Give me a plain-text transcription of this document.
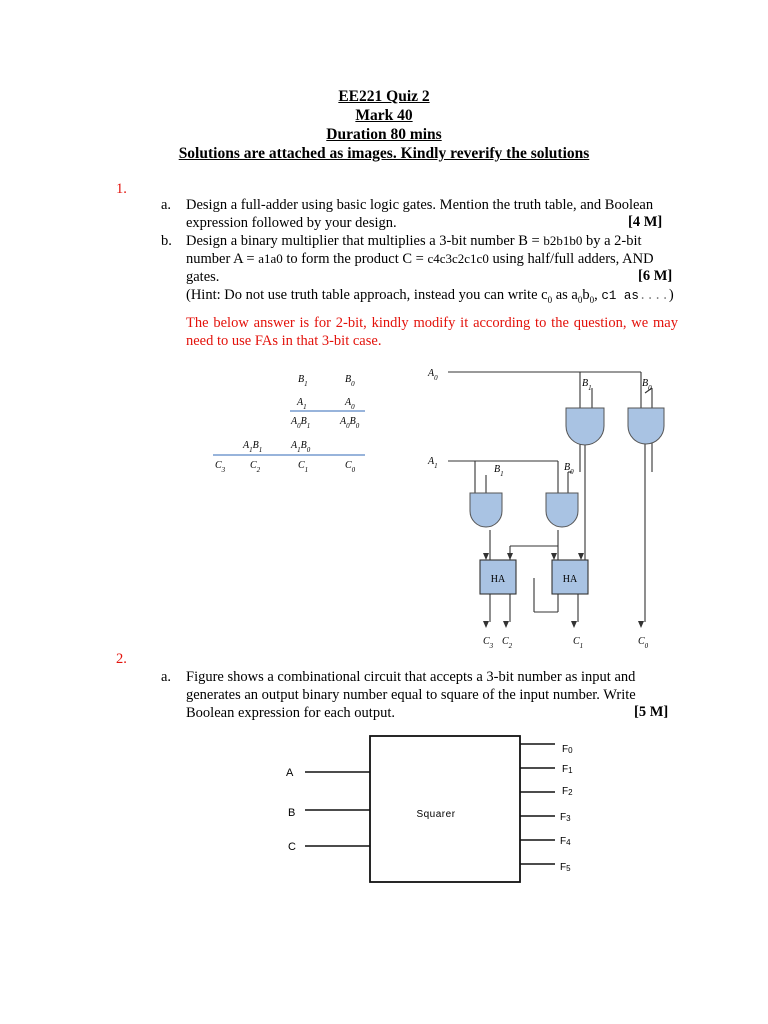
EE221 Quiz 2
Mark 40
Duration 80 mins
Solutions are attached as images. Kindly reverify the solutions
1.
a. Design a full-adder using basic logic gates. Mention the truth table, and Boolean
expression followed by your design.	[4 M]
b. Design a binary multiplier that multiplies a 3-bit number B = b2b1b0 by a 2-bit
number A = a1a0 to form the product C = c4c3c2c1c0 using half/full adders, AND
gates.
(Hint: Do not use truth table approach, instead you can write $c_0$ as $a_0b_0$, c1 as....)
[6 M]
The below answer is for 2-bit, kindly modify it according to the question, we may need to use FAs in that 3-bit case.
$B_1$	$B_0$
$A_1$	$A_0$
$A_0B_1$	$A_0B_0$
$A_1B_1$	$A_1B_0$
$C_3$ $C_2$	$C_1$	$C_0$
HA	HA
$A_0$
$A_1$
$B_1$	$B_0$
$B_1$
$B_0$
$C_3$ $C_2$	$C_1$	$C_0$
2.
a. Figure shows a combinational circuit that accepts a 3-bit number as input and
generates an output binary number equal to square of the input number. Write
Boolean expression for each output.	[5 M]
Squarer
A
B
C
F0
F1
F2
F3
F4
F5
